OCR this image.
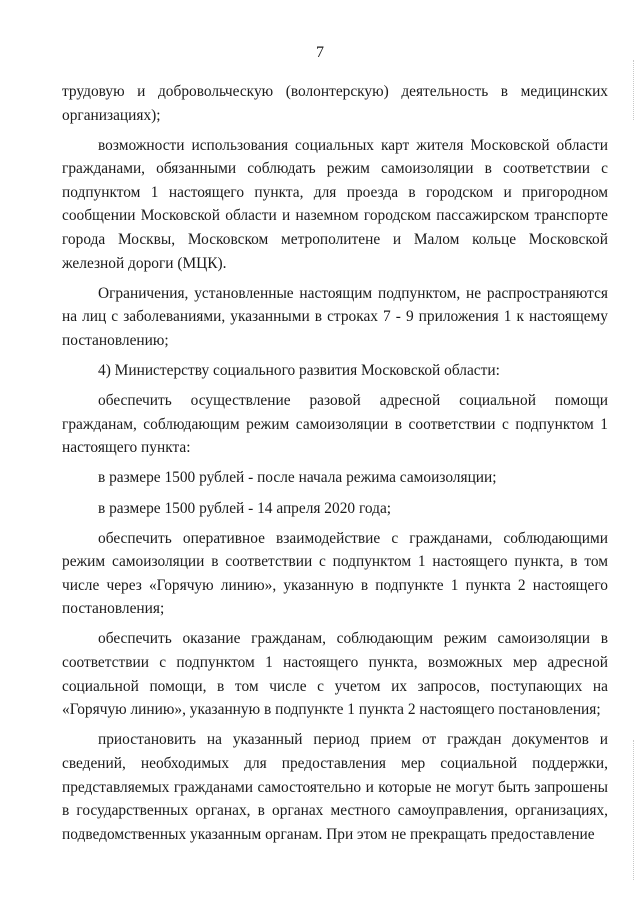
7

трудовую и добровольческую (волонтерскую) деятельность в медицинских организациях);

возможности использования социальных карт жителя Московской области гражданами, обязанными соблюдать режим самоизоляции в соответствии с подпунктом 1 настоящего пункта, для проезда в городском и пригородном сообщении Московской области и наземном городском пассажирском транспорте города Москвы, Московском метрополитене и Малом кольце Московской железной дороги (МЦК).

Ограничения, установленные настоящим подпунктом, не распространяются на лиц с заболеваниями, указанными в строках 7 - 9 приложения 1 к настоящему постановлению;

4) Министерству социального развития Московской области:

обеспечить осуществление разовой адресной социальной помощи гражданам, соблюдающим режим самоизоляции в соответствии с подпунктом 1 настоящего пункта:

в размере 1500 рублей - после начала режима самоизоляции;

в размере 1500 рублей - 14 апреля 2020 года;

обеспечить оперативное взаимодействие с гражданами, соблюдающими режим самоизоляции в соответствии с подпунктом 1 настоящего пункта, в том числе через «Горячую линию», указанную в подпункте 1 пункта 2 настоящего постановления;

обеспечить оказание гражданам, соблюдающим режим самоизоляции в соответствии с подпунктом 1 настоящего пункта, возможных мер адресной социальной помощи, в том числе с учетом их запросов, поступающих на «Горячую линию», указанную в подпункте 1 пункта 2 настоящего постановления;

приостановить на указанный период прием от граждан документов и сведений, необходимых для предоставления мер социальной поддержки, представляемых гражданами самостоятельно и которые не могут быть запрошены в государственных органах, в органах местного самоуправления, организациях, подведомственных указанным органам. При этом не прекращать предоставление
